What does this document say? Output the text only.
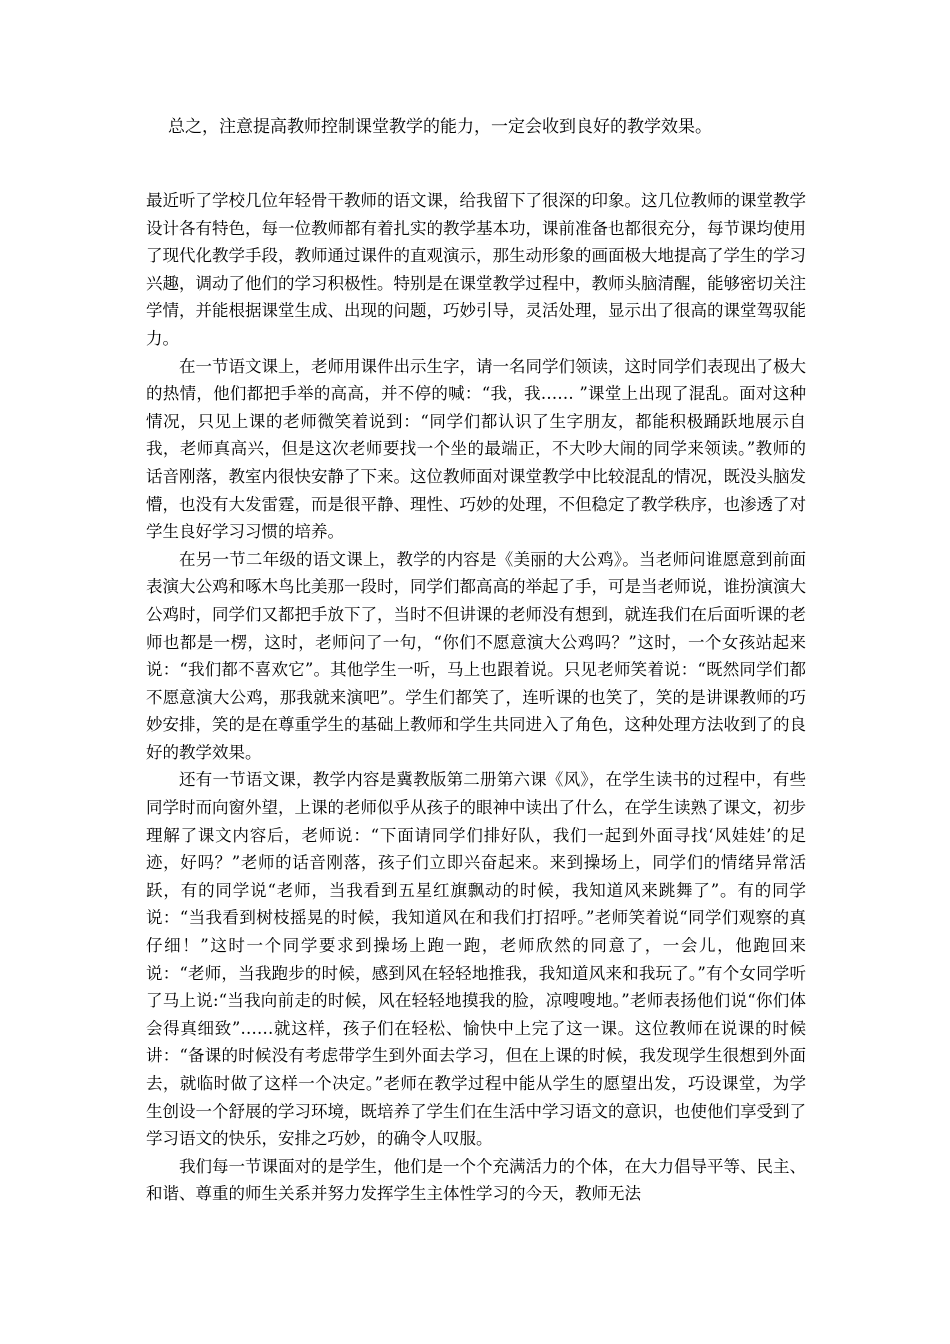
总之，注意提高教师控制课堂教学的能力，一定会收到良好的教学效果。

最近听了学校几位年轻骨干教师的语文课，给我留下了很深的印象。这几位教师的课堂教学设计各有特色，每一位教师都有着扎实的教学基本功，课前准备也都很充分，每节课均使用了现代化教学手段，教师通过课件的直观演示，那生动形象的画面极大地提高了学生的学习兴趣，调动了他们的学习积极性。特别是在课堂教学过程中，教师头脑清醒，能够密切关注学情，并能根据课堂生成、出现的问题，巧妙引导，灵活处理，显示出了很高的课堂驾驭能力。

在一节语文课上，老师用课件出示生字，请一名同学们领读，这时同学们表现出了极大的热情，他们都把手举的高高，并不停的喊：“我，我…… ”课堂上出现了混乱。面对这种情况，只见上课的老师微笑着说到：“同学们都认识了生字朋友，都能积极踊跃地展示自我，老师真高兴，但是这次老师要找一个坐的最端正，不大吵大闹的同学来领读。”教师的话音刚落，教室内很快安静了下来。这位教师面对课堂教学中比较混乱的情况，既没头脑发懵，也没有大发雷霆，而是很平静、理性、巧妙的处理，不但稳定了教学秩序，也渗透了对学生良好学习习惯的培养。

在另一节二年级的语文课上，教学的内容是《美丽的大公鸡》。当老师问谁愿意到前面表演大公鸡和啄木鸟比美那一段时，同学们都高高的举起了手，可是当老师说，谁扮演演大公鸡时，同学们又都把手放下了，当时不但讲课的老师没有想到，就连我们在后面听课的老师也都是一楞，这时，老师问了一句，“你们不愿意演大公鸡吗？”这时，一个女孩站起来说：“我们都不喜欢它”。其他学生一听，马上也跟着说。只见老师笑着说：“既然同学们都不愿意演大公鸡，那我就来演吧”。学生们都笑了，连听课的也笑了，笑的是讲课教师的巧妙安排，笑的是在尊重学生的基础上教师和学生共同进入了角色，这种处理方法收到了的良好的教学效果。

还有一节语文课，教学内容是冀教版第二册第六课《风》，在学生读书的过程中，有些同学时而向窗外望，上课的老师似乎从孩子的眼神中读出了什么，在学生读熟了课文，初步理解了课文内容后，老师说：“下面请同学们排好队，我们一起到外面寻找‘风娃娃’的足迹，好吗？”老师的话音刚落，孩子们立即兴奋起来。来到操场上，同学们的情绪异常活跃，有的同学说“老师，当我看到五星红旗飘动的时候，我知道风来跳舞了”。有的同学说：“当我看到树枝摇晃的时候，我知道风在和我们打招呼。”老师笑着说“同学们观察的真仔细！”这时一个同学要求到操场上跑一跑，老师欣然的同意了，一会儿，他跑回来说：“老师，当我跑步的时候，感到风在轻轻地推我，我知道风来和我玩了。”有个女同学听了马上说:“当我向前走的时候，风在轻轻地摸我的脸，凉嗖嗖地。”老师表扬他们说“你们体会得真细致”……就这样，孩子们在轻松、愉快中上完了这一课。这位教师在说课的时候讲：“备课的时候没有考虑带学生到外面去学习，但在上课的时候，我发现学生很想到外面去，就临时做了这样一个决定。”老师在教学过程中能从学生的愿望出发，巧设课堂，为学生创设一个舒展的学习环境，既培养了学生们在生活中学习语文的意识，也使他们享受到了学习语文的快乐，安排之巧妙，的确令人叹服。

我们每一节课面对的是学生，他们是一个个充满活力的个体，在大力倡导平等、民主、和谐、尊重的师生关系并努力发挥学生主体性学习的今天，教师无法
